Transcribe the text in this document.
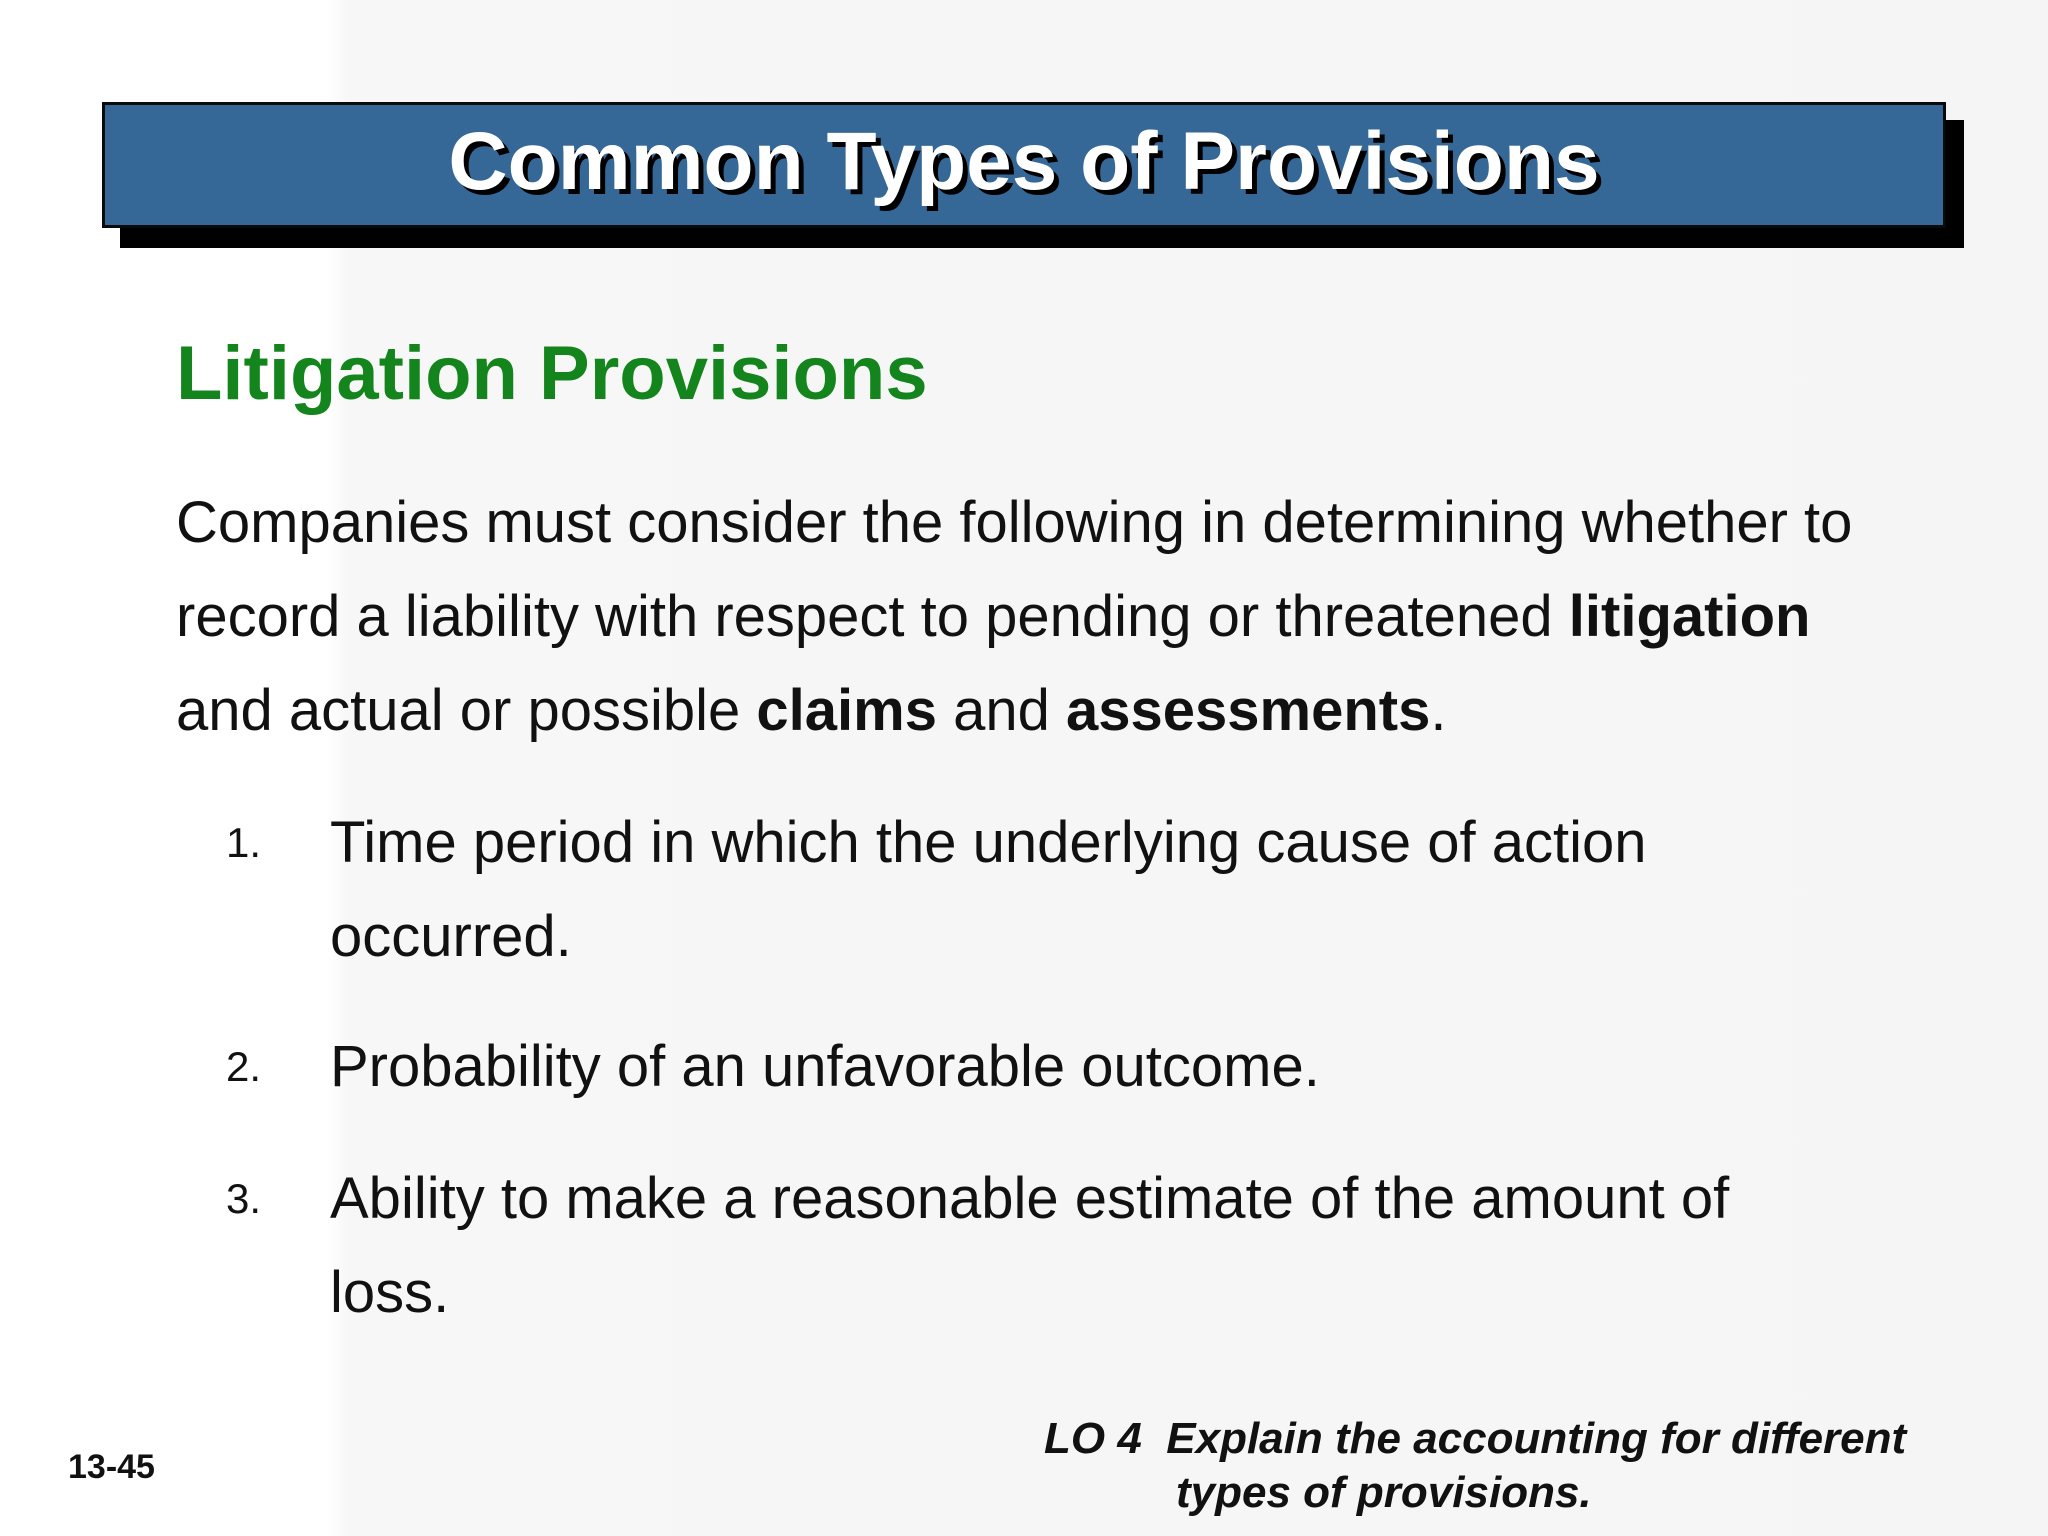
Common Types of Provisions
Litigation Provisions
Companies must consider the following in determining whether to record a liability with respect to pending or threatened litigation and actual or possible claims and assessments.
1. Time period in which the underlying cause of action occurred.
2. Probability of an unfavorable outcome.
3. Ability to make a reasonable estimate of the amount of loss.
13-45
LO 4  Explain the accounting for different
types of provisions.
